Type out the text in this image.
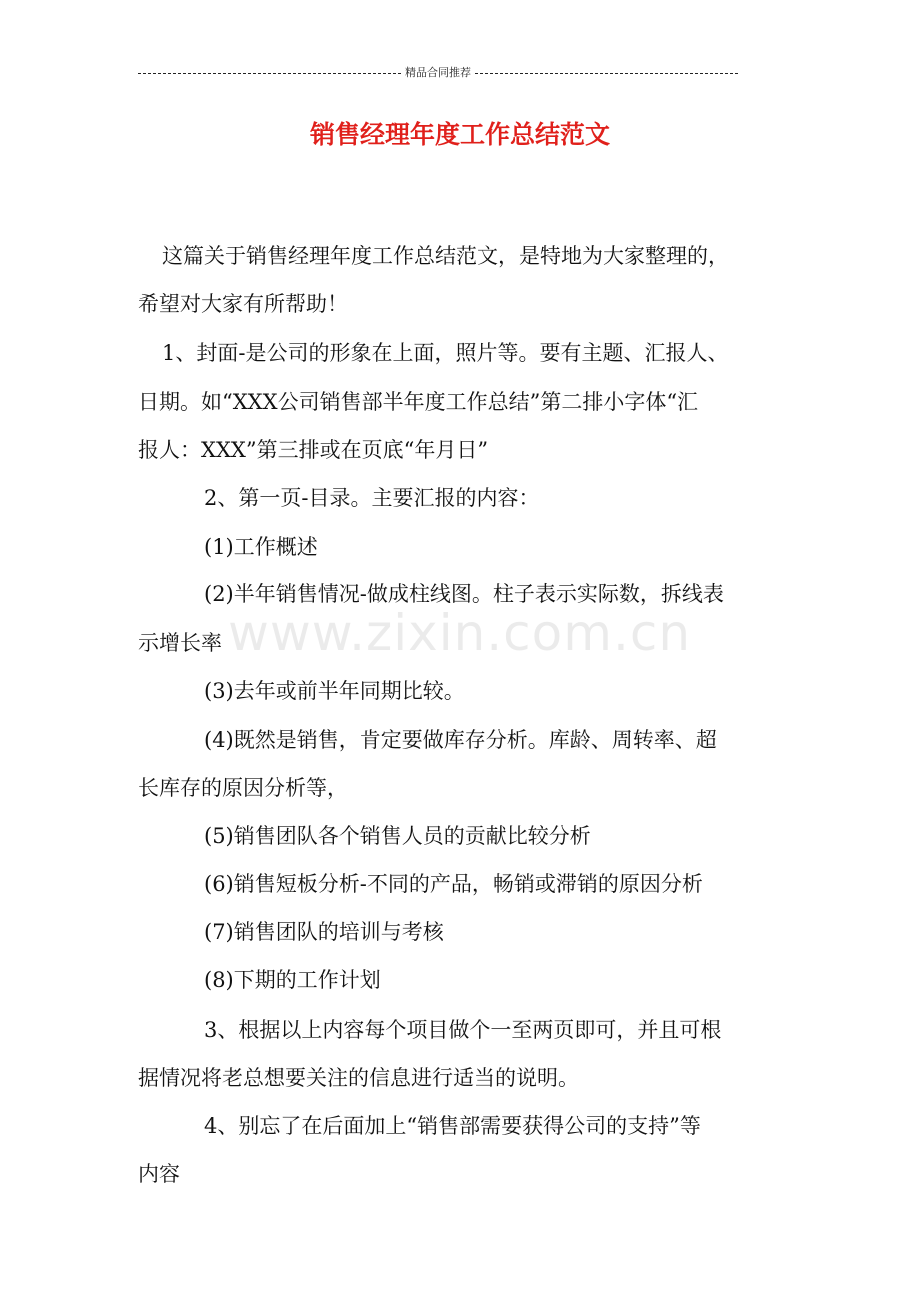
精品合同推荐
销售经理年度工作总结范文
www.zixin.com.cn
这篇关于销售经理年度工作总结范文，是特地为大家整理的，
希望对大家有所帮助！
1、封面-是公司的形象在上面，照片等。要有主题、汇报人、
日期。如“XXX公司销售部半年度工作总结”第二排小字体“汇
报人：XXX”第三排或在页底“年月日”
2、第一页-目录。主要汇报的内容：
(1)工作概述
(2)半年销售情况-做成柱线图。柱子表示实际数，拆线表
示增长率
(3)去年或前半年同期比较。
(4)既然是销售，肯定要做库存分析。库龄、周转率、超
长库存的原因分析等，
(5)销售团队各个销售人员的贡献比较分析
(6)销售短板分析-不同的产品，畅销或滞销的原因分析
(7)销售团队的培训与考核
(8)下期的工作计划
3、根据以上内容每个项目做个一至两页即可，并且可根
据情况将老总想要关注的信息进行适当的说明。
4、别忘了在后面加上“销售部需要获得公司的支持”等
内容
